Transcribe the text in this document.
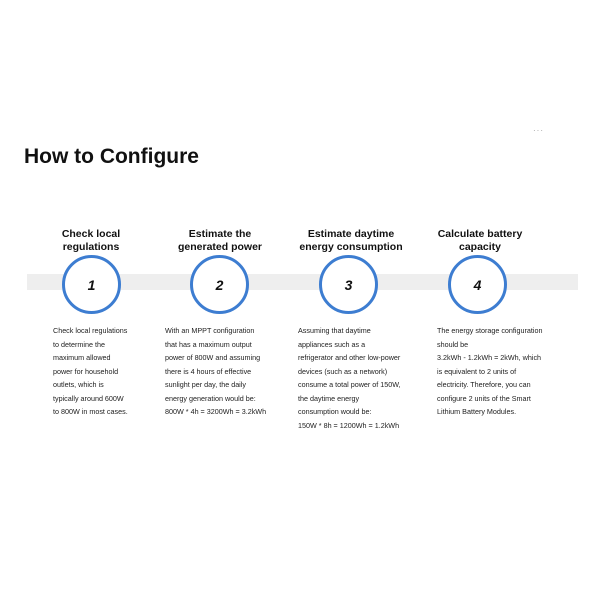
···
How to Configure
Check local
regulations
1
Check local regulations
to determine the
maximum allowed
power for household
outlets, which is
typically around 600W
to 800W in most cases.
Estimate the
generated power
2
With an MPPT configuration
that has a maximum output
power of 800W and assuming
there is 4 hours of effective
sunlight per day, the daily
energy generation would be:
800W * 4h = 3200Wh = 3.2kWh
Estimate daytime
energy consumption
3
Assuming that daytime
appliances such as a
refrigerator and other low-power
devices (such as a network)
consume a total power of 150W,
the daytime energy
consumption would be:
150W * 8h = 1200Wh = 1.2kWh
Calculate battery
capacity
4
The energy storage configuration
should be
3.2kWh - 1.2kWh = 2kWh, which
is equivalent to 2 units of
electricity. Therefore, you can
configure 2 units of the Smart
Lithium Battery Modules.
